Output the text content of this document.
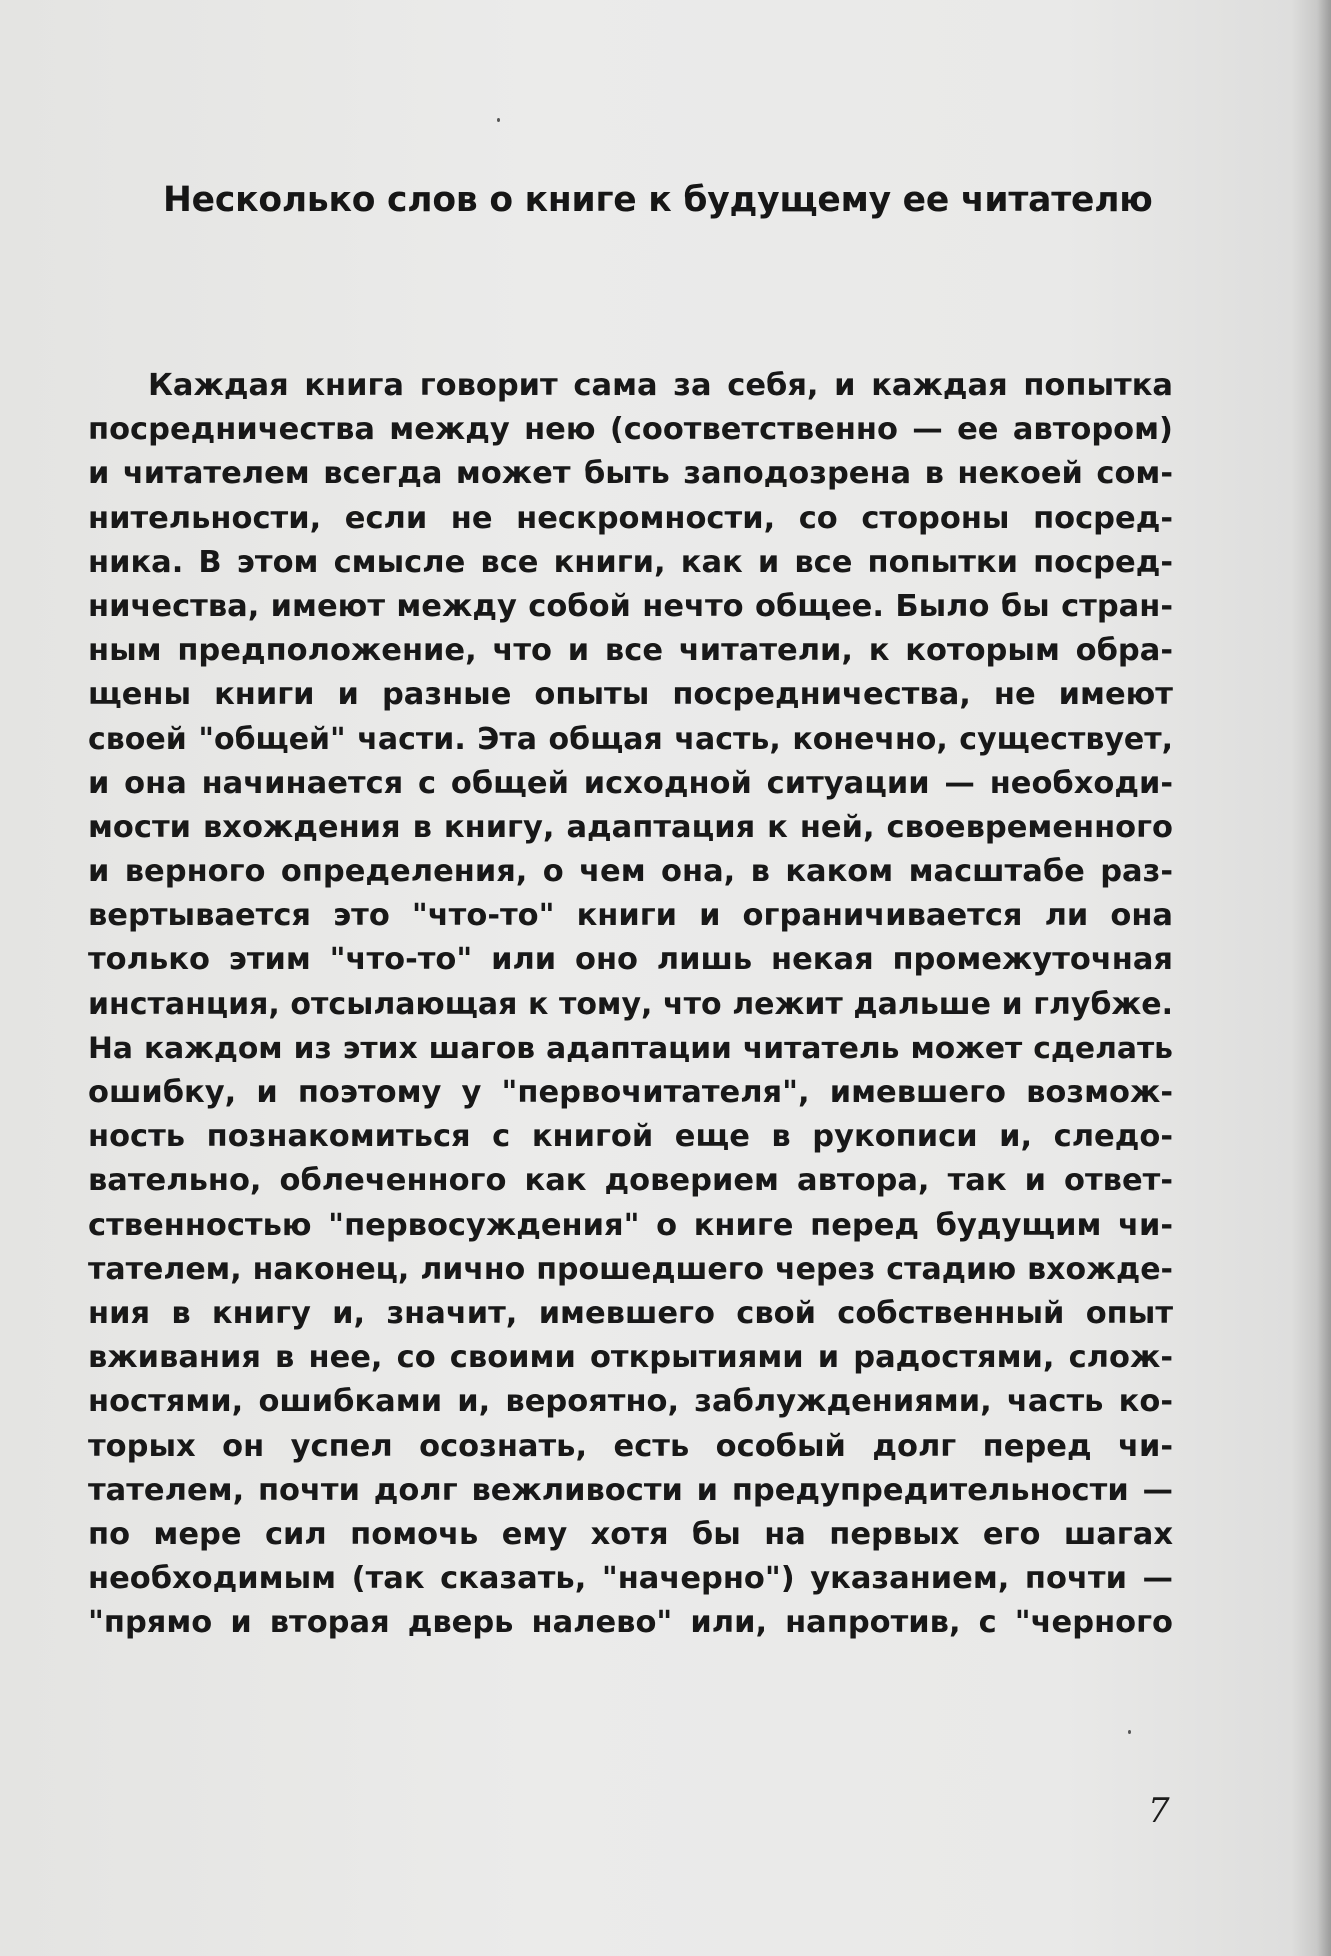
Несколько слов о книге к будущему ее читателю
Каждая книга говорит сама за себя, и каждая попытка
посредничества между нею (соответственно — ее автором)
и читателем всегда может быть заподозрена в некоей сом-
нительности, если не нескромности, со стороны посред-
ника. В этом смысле все книги, как и все попытки посред-
ничества, имеют между собой нечто общее. Было бы стран-
ным предположение, что и все читатели, к которым обра-
щены книги и разные опыты посредничества, не имеют
своей "общей" части. Эта общая часть, конечно, существует,
и она начинается с общей исходной ситуации — необходи-
мости вхождения в книгу, адаптация к ней, своевременного
и верного определения, о чем она, в каком масштабе раз-
вертывается это "что-то" книги и ограничивается ли она
только этим "что-то" или оно лишь некая промежуточная
инстанция, отсылающая к тому, что лежит дальше и глубже.
На каждом из этих шагов адаптации читатель может сделать
ошибку, и поэтому у "первочитателя", имевшего возмож-
ность познакомиться с книгой еще в рукописи и, следо-
вательно, облеченного как доверием автора, так и ответ-
ственностью "первосуждения" о книге перед будущим чи-
тателем, наконец, лично прошедшего через стадию вхожде-
ния в книгу и, значит, имевшего свой собственный опыт
вживания в нее, со своими открытиями и радостями, слож-
ностями, ошибками и, вероятно, заблуждениями, часть ко-
торых он успел осознать, есть особый долг перед чи-
тателем, почти долг вежливости и предупредительности —
по мере сил помочь ему хотя бы на первых его шагах
необходимым (так сказать, "начерно") указанием, почти —
"прямо и вторая дверь налево" или, напротив, с "черного
7
